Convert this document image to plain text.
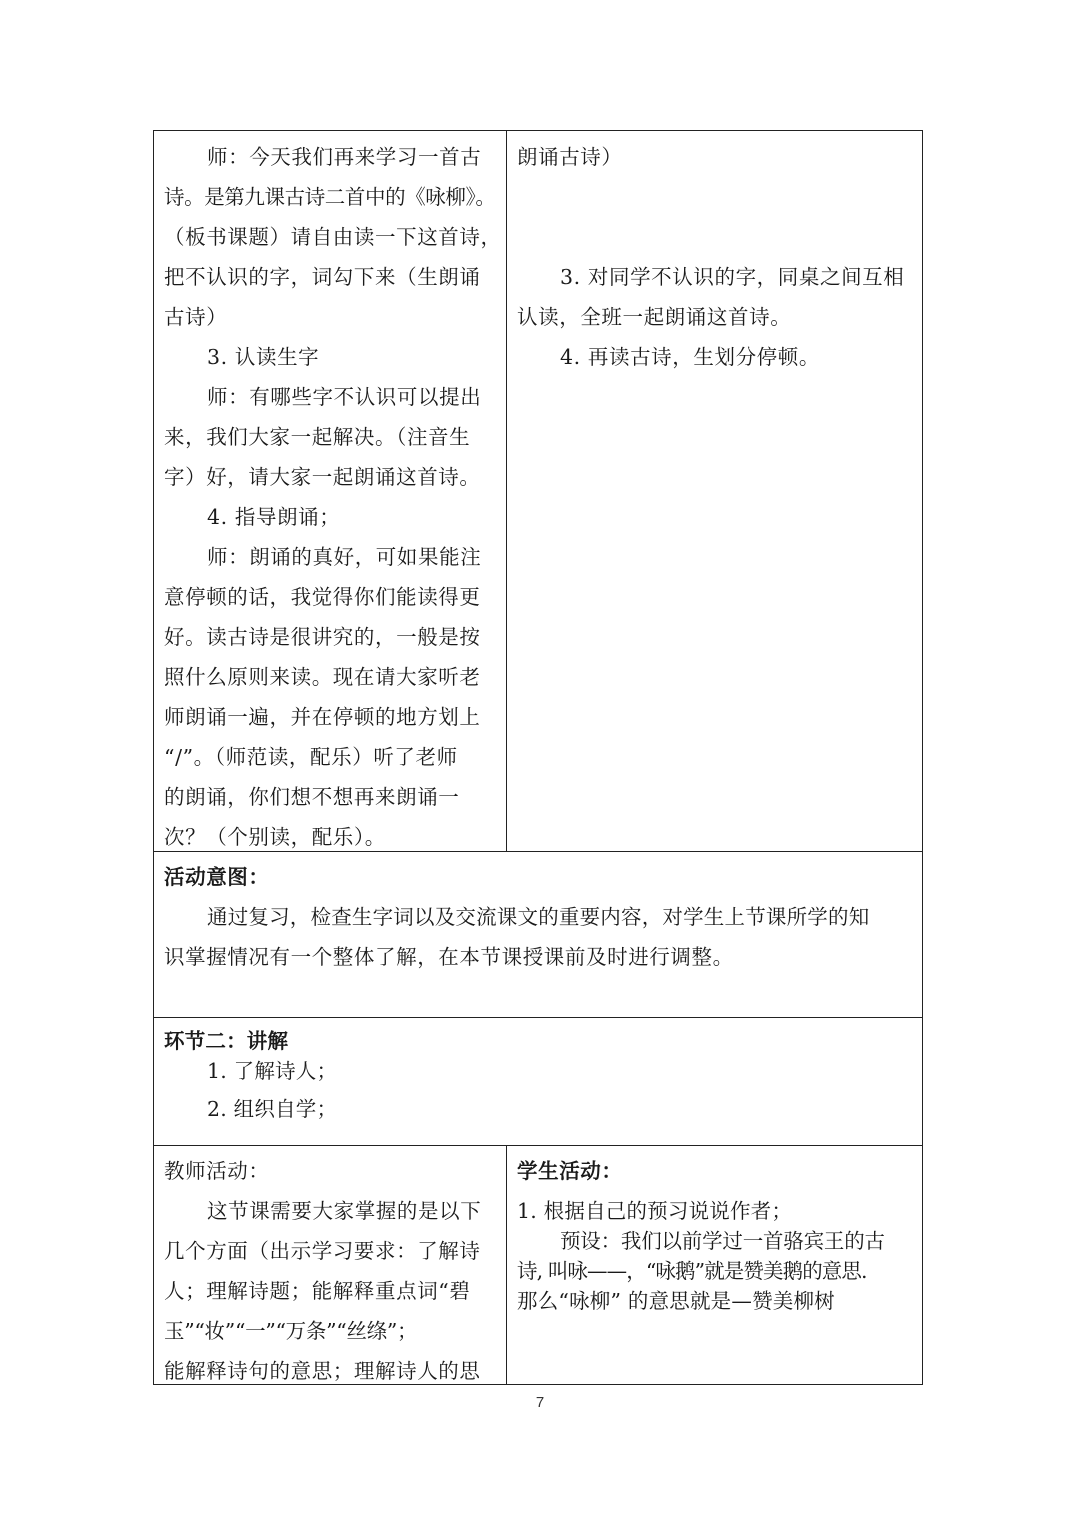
师：今天我们再来学习一首古
诗。是第九课古诗二首中的《咏柳》。
（板书课题）请自由读一下这首诗，
把不认识的字，词勾下来（生朗诵
古诗）
3. 认读生字
师：有哪些字不认识可以提出
来，我们大家一起解决。（注音生
字）好，请大家一起朗诵这首诗。
4. 指导朗诵；
师：朗诵的真好，可如果能注
意停顿的话，我觉得你们能读得更
好。读古诗是很讲究的，一般是按
照什么原则来读。现在请大家听老
师朗诵一遍，并在停顿的地方划上
“/”。（师范读，配乐）听了老师
的朗诵，你们想不想再来朗诵一
次？（个别读，配乐）。
朗诵古诗）
3. 对同学不认识的字，同桌之间互相
认读，全班一起朗诵这首诗。
4. 再读古诗，生划分停顿。
活动意图：
通过复习，检查生字词以及交流课文的重要内容，对学生上节课所学的知
识掌握情况有一个整体了解，在本节课授课前及时进行调整。
环节二：讲解
1. 了解诗人；
2. 组织自学；
教师活动：
这节课需要大家掌握的是以下
几个方面（出示学习要求：了解诗
人；理解诗题；能解释重点词“碧
玉”“妆”“一”“万条”“丝绦”；
能解释诗句的意思；理解诗人的思
学生活动：
1. 根据自己的预习说说作者；
预设：我们以前学过一首骆宾王的古
诗, 叫咏——，“咏鹅”就是赞美鹅的意思.
那么“咏柳” 的意思就是—赞美柳树
7
